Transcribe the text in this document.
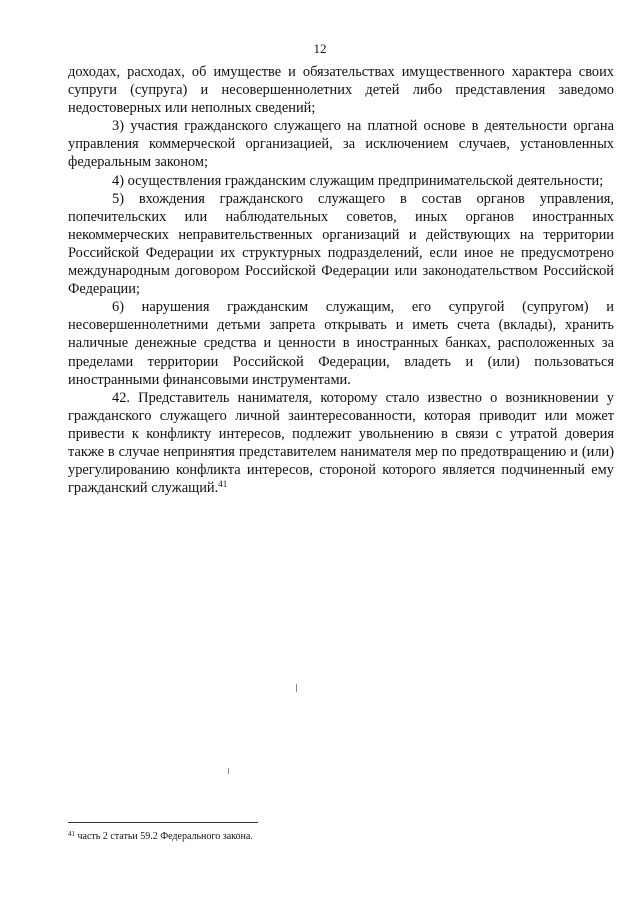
12

доходах, расходах, об имуществе и обязательствах имущественного характера своих супруги (супруга) и несовершеннолетних детей либо представления заведомо недостоверных или неполных сведений;

3) участия гражданского служащего на платной основе в деятельности органа управления коммерческой организацией, за исключением случаев, установленных федеральным законом;

4) осуществления гражданским служащим предпринимательской деятельности;

5) вхождения гражданского служащего в состав органов управления, попечительских или наблюдательных советов, иных органов иностранных некоммерческих неправительственных организаций и действующих на территории Российской Федерации их структурных подразделений, если иное не предусмотрено международным договором Российской Федерации или законодательством Российской Федерации;

6) нарушения гражданским служащим, его супругой (супругом) и несовершеннолетними детьми запрета открывать и иметь счета (вклады), хранить наличные денежные средства и ценности в иностранных банках, расположенных за пределами территории Российской Федерации, владеть и (или) пользоваться иностранными финансовыми инструментами.

42. Представитель нанимателя, которому стало известно о возникновении у гражданского служащего личной заинтересованности, которая приводит или может привести к конфликту интересов, подлежит увольнению в связи с утратой доверия также в случае непринятия представителем нанимателя мер по предотвращению и (или) урегулированию конфликта интересов, стороной которого является подчиненный ему гражданский служащий.$^{41}$

$^{41}$ часть 2 статьи 59.2 Федерального закона.
